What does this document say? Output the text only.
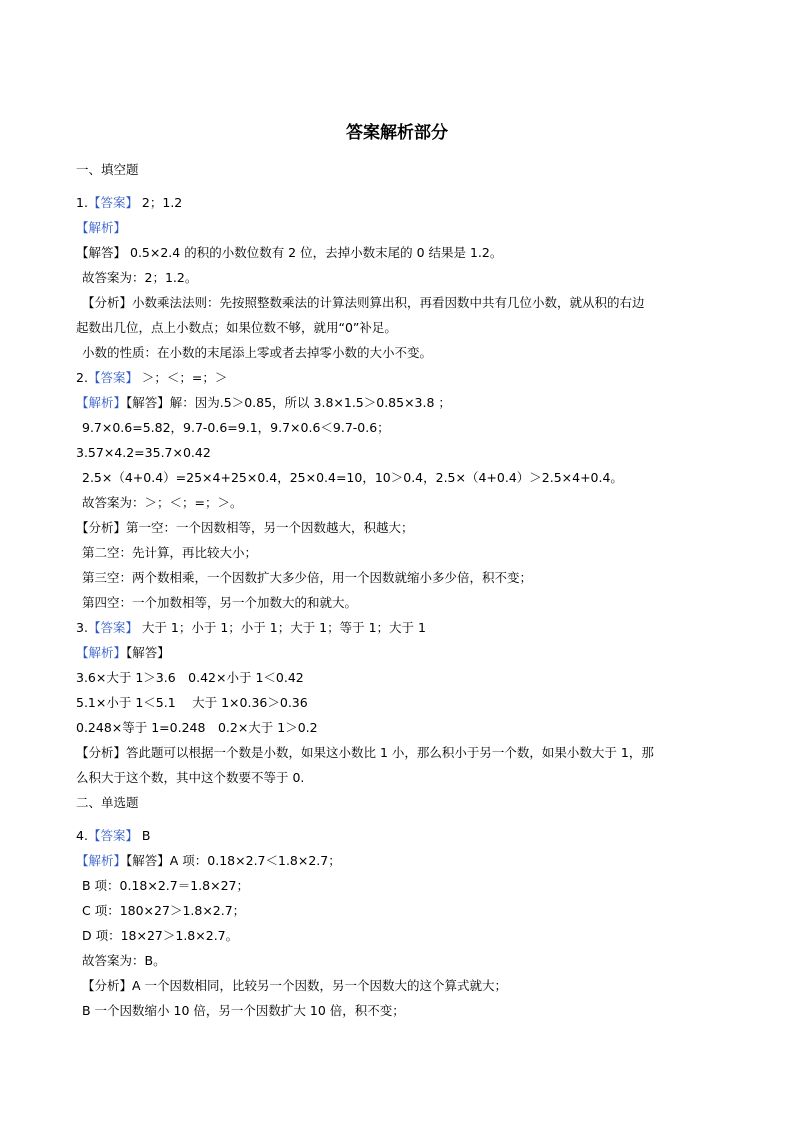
答案解析部分
一、填空题
1.【答案】 2；1.2
【解析】
【解答】 0.5×2.4 的积的小数位数有 2 位，去掉小数末尾的 0 结果是 1.2。
故答案为：2；1.2。
【分析】小数乘法法则：先按照整数乘法的计算法则算出积，再看因数中共有几位小数，就从积的右边
起数出几位，点上小数点；如果位数不够，就用“0”补足。
小数的性质：在小数的末尾添上零或者去掉零小数的大小不变。
2.【答案】 ＞；＜；=；＞
【解析】【解答】解：因为.5＞0.85，所以 3.8×1.5＞0.85×3.8 ；
9.7×0.6=5.82，9.7-0.6=9.1，9.7×0.6＜9.7-0.6；
3.57×4.2=35.7×0.42
2.5×（4+0.4）=25×4+25×0.4，25×0.4=10，10＞0.4，2.5×（4+0.4）＞2.5×4+0.4。
故答案为：＞；＜；=；＞。
【分析】第一空：一个因数相等，另一个因数越大，积越大；
第二空：先计算，再比较大小；
第三空：两个数相乘，一个因数扩大多少倍，用一个因数就缩小多少倍，积不变；
第四空：一个加数相等，另一个加数大的和就大。
3.【答案】 大于 1；小于 1；小于 1；大于 1；等于 1；大于 1
【解析】【解答】
3.6×大于 1＞3.6　0.42×小于 1＜0.42
5.1×小于 1＜5.1　 大于 1×0.36＞0.36
0.248×等于 1=0.248　0.2×大于 1＞0.2
【分析】答此题可以根据一个数是小数，如果这小数比 1 小，那么积小于另一个数，如果小数大于 1，那
么积大于这个数，其中这个数要不等于 0.
二、单选题
4.【答案】 B
【解析】【解答】A 项：0.18×2.7＜1.8×2.7；
B 项：0.18×2.7＝1.8×27；
C 项：180×27＞1.8×2.7；
D 项：18×27＞1.8×2.7。
故答案为：B。
【分析】A 一个因数相同，比较另一个因数，另一个因数大的这个算式就大；
B 一个因数缩小 10 倍，另一个因数扩大 10 倍，积不变；
